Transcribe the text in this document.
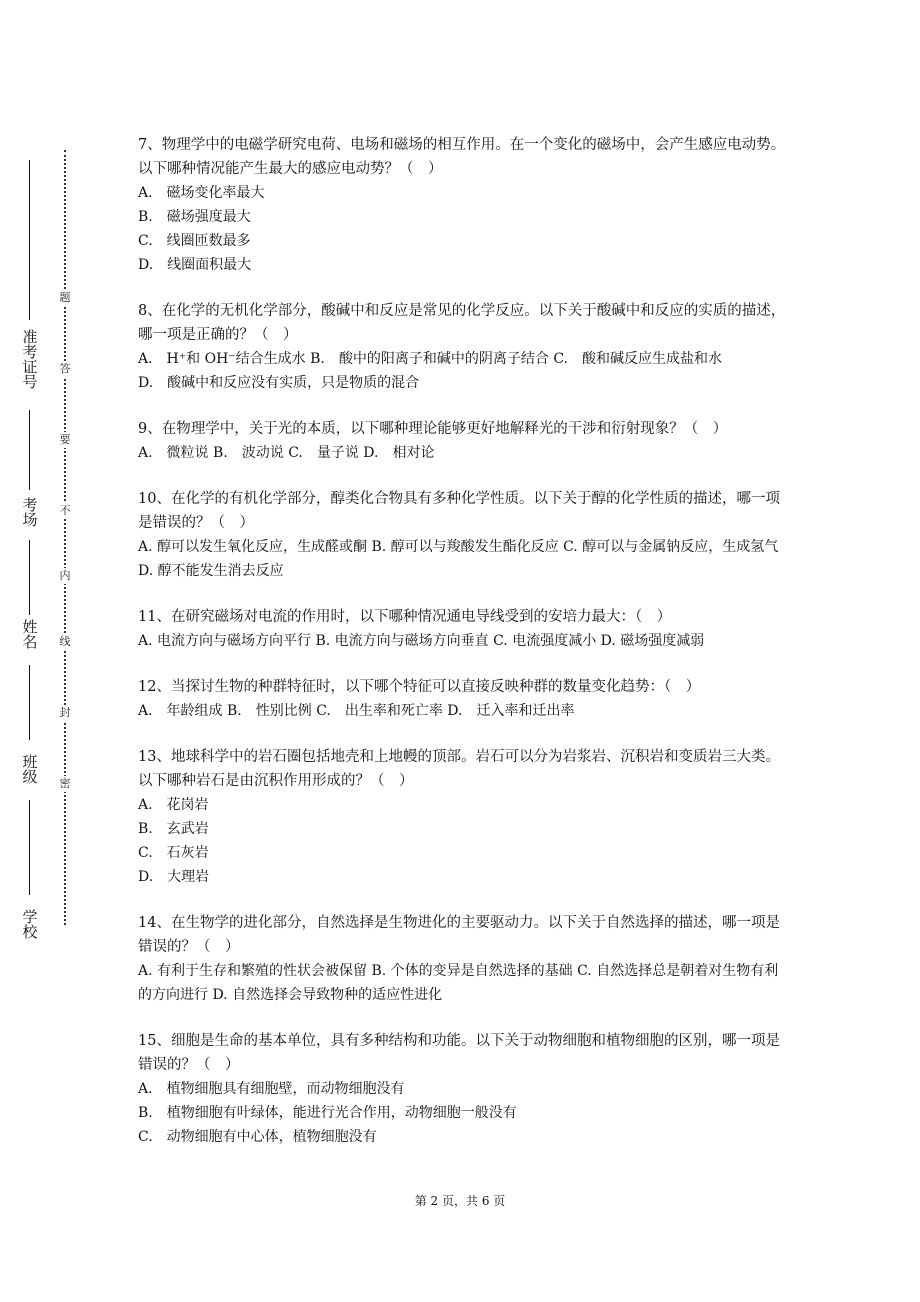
准
考
证
号
考
场
姓
名
班
级
学
校
题
答
要
不
内
线
封
密

7、物理学中的电磁学研究电荷、电场和磁场的相互作用。在一个变化的磁场中，会产生感应电动势。以下哪种情况能产生最大的感应电动势？（　）

A.　磁场变化率最大

B.　磁场强度最大

C.　线圈匝数最多

D.　线圈面积最大

8、在化学的无机化学部分，酸碱中和反应是常见的化学反应。以下关于酸碱中和反应的实质的描述，哪一项是正确的？（　）

A.　H⁺和 OH⁻结合生成水 B.　酸中的阳离子和碱中的阴离子结合 C.　酸和碱反应生成盐和水

D.　酸碱中和反应没有实质，只是物质的混合

9、在物理学中，关于光的本质，以下哪种理论能够更好地解释光的干涉和衍射现象？（　）

A.　微粒说 B.　波动说 C.　量子说 D.　相对论

10、在化学的有机化学部分，醇类化合物具有多种化学性质。以下关于醇的化学性质的描述，哪一项是错误的？（　）

A. 醇可以发生氧化反应，生成醛或酮 B. 醇可以与羧酸发生酯化反应 C. 醇可以与金属钠反应，生成氢气 D. 醇不能发生消去反应

11、在研究磁场对电流的作用时，以下哪种情况通电导线受到的安培力最大：（　）

A. 电流方向与磁场方向平行 B. 电流方向与磁场方向垂直 C. 电流强度减小 D. 磁场强度减弱

12、当探讨生物的种群特征时，以下哪个特征可以直接反映种群的数量变化趋势：（　）

A.　年龄组成 B.　性别比例 C.　出生率和死亡率 D.　迁入率和迁出率

13、地球科学中的岩石圈包括地壳和上地幔的顶部。岩石可以分为岩浆岩、沉积岩和变质岩三大类。以下哪种岩石是由沉积作用形成的？（　）

A.　花岗岩

B.　玄武岩

C.　石灰岩

D.　大理岩

14、在生物学的进化部分，自然选择是生物进化的主要驱动力。以下关于自然选择的描述，哪一项是错误的？（　）

A. 有利于生存和繁殖的性状会被保留 B. 个体的变异是自然选择的基础 C. 自然选择总是朝着对生物有利的方向进行 D. 自然选择会导致物种的适应性进化

15、细胞是生命的基本单位，具有多种结构和功能。以下关于动物细胞和植物细胞的区别，哪一项是错误的？（　）

A.　植物细胞具有细胞壁，而动物细胞没有

B.　植物细胞有叶绿体，能进行光合作用，动物细胞一般没有

C.　动物细胞有中心体，植物细胞没有

第 2 页，共 6 页
